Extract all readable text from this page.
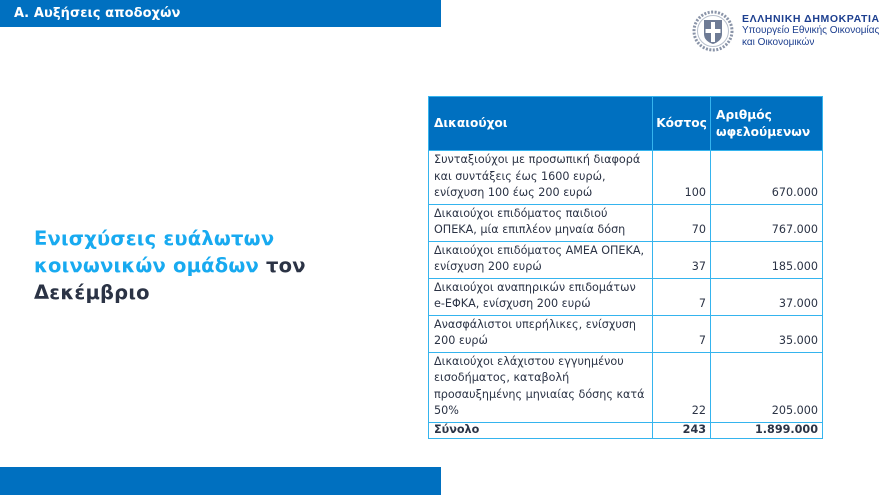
Α. Αυξήσεις αποδοχών	ΕΛΛΗΝΙΚΗ ΔΗΜΟΚΡΑΤΙΑ
Υπουργείο Εθνικής Οικονομίας
και Οικονομικών
Ενισχύσεις ευάλωτων
κοινωνικών ομάδων τον Δεκέμβριο
Δικαιούχοι	Κόστος	Αριθμός ωφελούμενων
Συνταξιούχοι με προσωπική διαφορά και συντάξεις έως 1600 ευρώ, ενίσχυση 100 έως 200 ευρώ	100	670.000
Δικαιούχοι επιδόματος παιδιού ΟΠΕΚΑ, μία επιπλέον μηναία δόση	70	767.000
Δικαιούχοι επιδόματος ΑΜΕΑ ΟΠΕΚΑ, ενίσχυση 200 ευρώ	37	185.000
Δικαιούχοι αναπηρικών επιδομάτων e-ΕΦΚΑ, ενίσχυση 200 ευρώ	7	37.000
Ανασφάλιστοι υπερήλικες, ενίσχυση 200 ευρώ	7	35.000
Δικαιούχοι ελάχιστου εγγυημένου εισοδήματος, καταβολή προσαυξημένης μηνιαίας δόσης κατά 50%	22	205.000
Σύνολο	243	1.899.000
